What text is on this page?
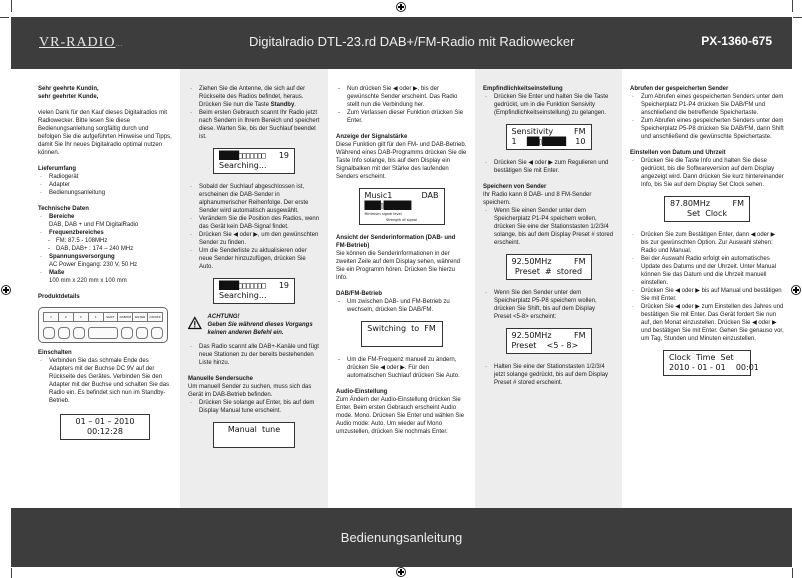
VR-RADIO...	Digitalradio DTL-23.rd DAB+/FM-Radio mit Radiowecker	PX-1360-675
Sehr geehrte Kundin,
sehr geehrter Kunde,

vielen Dank für den Kauf dieses Digitalradios mit Radiowecker. Bitte lesen Sie diese Bedienungsanleitung sorgfältig durch und befolgen Sie die aufgeführten Hinweise und Tipps, damit Sie Ihr neues Digitalradio optimal nutzen können.

Lieferumfang
· Radiogerät
· Adapter
· Bedienungsanleitung
Technische Daten
· Bereiche
DAB, DAB + und FM DigitalRadio
· Frequenzbereiches
- FM: 87.5 - 108MHz
- DAB, DAB+ : 174 – 240 MHz
· Spannungsversorgung
AC Power Eingang: 230 V, 50 Hz
· Maße
100 mm x 220 mm x 100 mm
Produktdetails
1	2	3	4	SHIFT	DAB/FM	ENTER	ON/OFF
Einschalten
· Verbinden Sie das schmale Ende des Adapters mit der Buchse DC 9V auf der Rückseite des Gerätes. Verbinden Sie den Adapter mit der Buchse und schalten Sie das Radio ein. Es befindet sich nun im Standby-Betrieb.
01 – 01 – 2010
00:12:28
· Ziehen Sie die Antenne, die sich auf der Rückseite des Radios befindet, heraus. Drücken Sie nun die Taste Standby.
· Beim ersten Gebrauch scannt Ihr Radio jetzt nach Sendern in Ihrem Bereich und speichert diese. Warten Sie, bis der Suchlauf beendet ist.
█████□□□□□□□ 19
Searching...
· Sobald der Suchlauf abgeschlossen ist, erscheinen die DAB-Sender in alphanumerischer Reihenfolge. Der erste Sender wird automatisch ausgewählt.
· Verändern Sie die Position des Radios, wenn das Gerät kein DAB-Signal findet.
· Drücken Sie ◀ oder ▶, um den gewünschten Sender zu finden.
· Um die Senderliste zu aktualisieren oder neue Sender hinzuzufügen, drücken Sie Auto.
█████□□□□□□□ 19
Searching...
ACHTUNG!
Geben Sie während dieses Vorgangs keinen anderen Befehl ein.
· Das Radio scannt alle DAB+-Kanäle und fügt neue Stationen zu der bereits bestehenden Liste hinzu.
Manuelle Sendersuche

Um manuell Sender zu suchen, muss sich das Gerät im DAB-Betrieb befinden.

· Drücken Sie solange auf Enter, bis auf dem Display Manual tune erscheint.
Manual  tune
- Nun drücken Sie ◀ oder ▶, bis der gewünschte Sender erscheint. Das Radio stellt nun die Verbindung her.
- Zum Verlassen dieser Funktion drücken Sie Enter.
Anzeige der Signalstärke

Diese Funktion gilt für den FM- und DAB-Betrieb. Während eines DAB-Programms drücken Sie die Taste Info solange, bis auf dem Display ein Signalbalken mit der Stärke des laufenden Senders erscheint.

Music1	DAB
████▯███████
Minimum signal level
Strength of signal
Ansicht der Senderinformation (DAB- und FM-Betrieb)

Sie können die Senderinformationen in der zweiten Zeile auf dem Display sehen, während Sie ein Programm hören. Drücken Sie hierzu Info.

DAB/FM-Betrieb
- Um zwischen DAB- und FM-Betrieb zu wechseln, drücken Sie DAB/FM.
Switching  to  FM
- Um die FM-Frequenz manuell zu ändern, drücken Sie ◀ oder ▶. Für den automatischen Suchlauf drücken Sie Auto.
Audio-Einstellung

Zum Ändern der Audio-Einstellung drücken Sie Enter. Beim ersten Gebrauch erscheint Audio mode. Mono. Drücken Sie Enter und wählen Sie Audio mode: Auto. Um wieder auf Mono umzustellen, drücken Sie nochmals Enter.

Empfindlichkeitseinstellung
· Drücken Sie Enter und halten Sie die Taste gedrückt, um in die Funktion Sensivity (Empfindlichkeitseinstellung) zu gelangen.
Sensitivity	FM
1 ███▯██████ 10
· Drücken Sie ◀ oder ▶ zum Regulieren und bestätigen Sie mit Enter.
Speichern von Sender

Ihr Radio kann 8 DAB- und 8 FM-Sender speichern.

· Wenn Sie einen Sender unter dem Speicherplatz P1-P4 speichern wollen, drücken Sie eine der Stationstasten 1/2/3/4 solange, bis auf dem Display Preset # stored erscheint.
92.50MHz	FM
Preset  #  stored
· Wenn Sie den Sender unter dem Speicherplatz P5-P8 speichern wollen, drücken Sie Shift, bis auf dem Display Preset <5-8> erscheint:
92.50MHz	FM
Preset    <5 - 8>
· Halten Sie eine der Stationstasten 1/2/3/4 jetzt solange gedrückt, bis auf dem Display Preset # stored erscheint.
Abrufen der gespeicherten Sender
· Zum Abrufen eines gespeicherten Senders unter dem Speicherplatz P1-P4 drücken Sie DAB/FM und anschließend die betreffende Speichertaste.
· Zum Abrufen eines gespeicherten Senders unter dem Speicherplatz P5-P8 drücken Sie DAB/FM, dann Shift und anschließend die gewünschte Speichertaste.
Einstellen von Datum und Uhrzeit
· Drücken Sie die Taste Info und halten Sie diese gedrückt, bis die Softwareversion auf dem Display angezeigt wird. Dann drücken Sie kurz hintereinander Info, bis Sie auf dem Display Set Clock sehen.
87.80MHz	FM
Set  Clock
· Drücken Sie zum Bestätigen Enter, dann ◀ oder ▶ bis zur gewünschten Option. Zur Auswahl stehen: Radio und Manual.
· Bei der Auswahl Radio erfolgt ein automatisches Update des Datums und der Uhrzeit. Unter Manual können Sie das Datum und die Uhrzeit manuell einstellen.
· Drücken Sie ◀ oder ▶ bis auf Manual und bestätigen Sie mit Enter.
· Drücken Sie ◀ oder ▶ zum Einstellen des Jahres und bestätigen Sie mit Enter. Das Gerät fordert Sie nun auf, den Monat einzustellen. Drücken Sie ◀ oder ▶ und bestätigen Sie mit Enter. Gehen Sie genauso vor, um Tag, Stunden und Minuten einzustellen.
Clock  Time  Set
2010 - 01 - 01    00:01
Bedienungsanleitung
